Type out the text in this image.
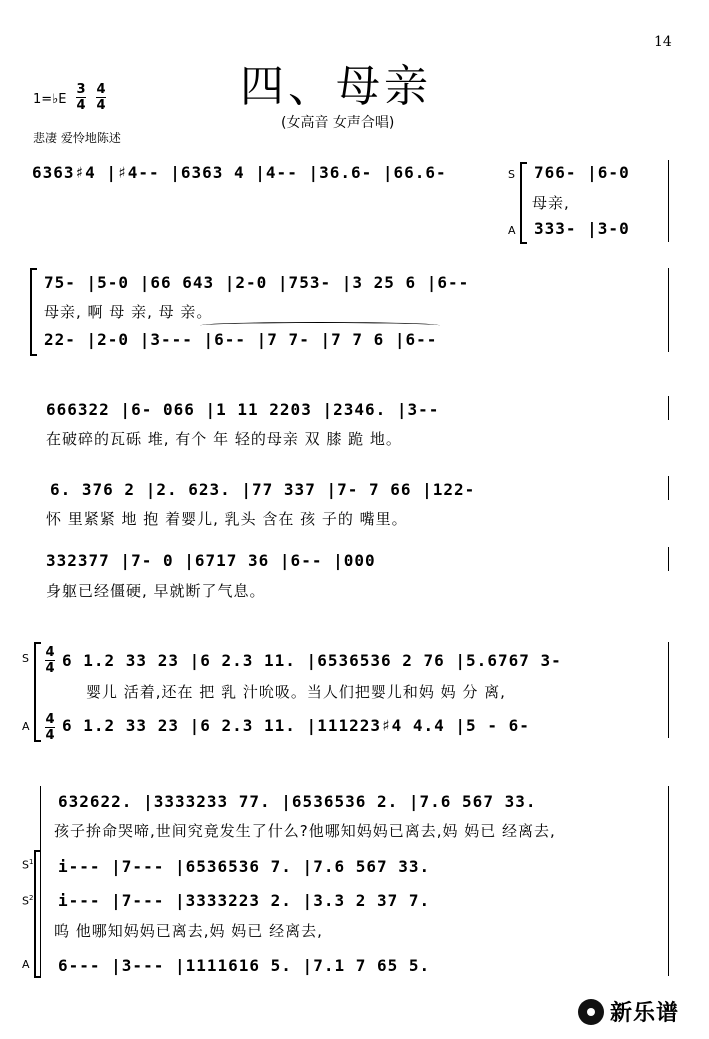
14
四、母亲
(女高音 女声合唱)
1=♭E
3
4
4
4
悲凄 爱怜地陈述
6363♯4 |♯4-- |6363 4 |4-- |36.6- |66.6-	S
A
766- |6-0
母亲,
333- |3-0
75- |5-0 |66 643 |2-0 |753- |3 25 6 |6--
母亲, 啊 母 亲, 母 亲。
22- |2-0 |3--- |6-- |7 7- |7 7 6 |6--
666322 |6- 066 |1 11 2203 |2346. |3--
在破碎的瓦砾 堆, 有个 年 轻的母亲 双 膝 跪 地。
6. 376 2 |2. 623. |77 337 |7- 7 66 |122-
怀 里紧紧 地 抱 着婴儿, 乳头 含在 孩 子的 嘴里。
332377 |7- 0 |6717 36 |6-- |000
身躯已经僵硬, 早就断了气息。
S
A
4
4
4
4
6 1.2 33 23 |6 2.3 11. |6536536 2 76 |5.6767 3-
婴儿 活着,还在 把 乳 汁吮吸。当人们把婴儿和妈 妈 分 离,
6 1.2 33 23 |6 2.3 11. |111223♯4 4.4 |5 - 6-
632622. |3333233 77. |6536536 2. |7.6 567 33.
孩子拚命哭啼,世间究竟发生了什么?他哪知妈妈已离去,妈 妈已 经离去,
$S^1$
$S^2$
A
i--- |7--- |6536536 7. |7.6 567 33.
i--- |7--- |3333223 2. |3.3 2 37 7.
呜 他哪知妈妈已离去,妈 妈已 经离去,
6--- |3--- |1111616 5. |7.1 7 65 5.
新乐谱
